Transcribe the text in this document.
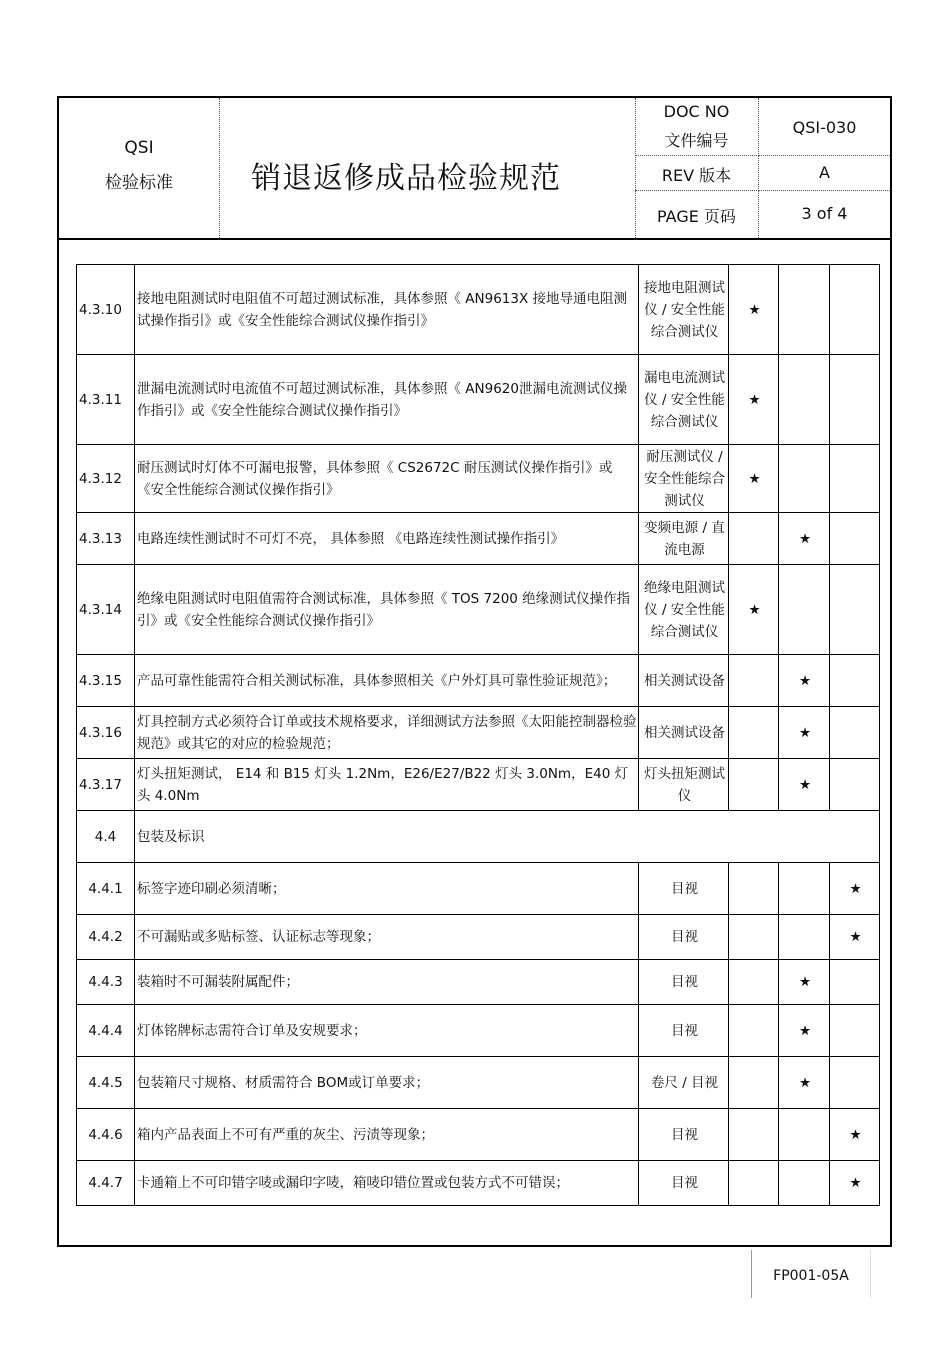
QSI
检验标准	销退返修成品检验规范
DOC NO
文件编号
QSI-030
REV 版本	A
PAGE 页码	3 of 4
4.3.10	接地电阻测试时电阻值不可超过测试标准，具体参照《 AN9613X 接地导通电阻测试操作指引》或《安全性能综合测试仪操作指引》	接地电阻测试仪 / 安全性能综合测试仪	★		
4.3.11	泄漏电流测试时电流值不可超过测试标准，具体参照《 AN9620泄漏电流测试仪操作指引》或《安全性能综合测试仪操作指引》	漏电电流测试仪 / 安全性能综合测试仪	★		
4.3.12	耐压测试时灯体不可漏电报警，具体参照《 CS2672C 耐压测试仪操作指引》或《安全性能综合测试仪操作指引》	耐压测试仪 / 安全性能综合测试仪	★		
4.3.13	电路连续性测试时不可灯不亮， 具体参照 《电路连续性测试操作指引》	变频电源 / 直流电源		★	
4.3.14	绝缘电阻测试时电阻值需符合测试标准，具体参照《 TOS 7200 绝缘测试仪操作指引》或《安全性能综合测试仪操作指引》	绝缘电阻测试仪 / 安全性能综合测试仪	★		
4.3.15	产品可靠性能需符合相关测试标准，具体参照相关《户外灯具可靠性验证规范》；	相关测试设备		★	
4.3.16	灯具控制方式必须符合订单或技术规格要求，详细测试方法参照《太阳能控制器检验规范》或其它的对应的检验规范；	相关测试设备		★	
4.3.17	灯头扭矩测试， E14 和 B15 灯头 1.2Nm，E26/E27/B22 灯头 3.0Nm，E40 灯头 4.0Nm	灯头扭矩测试仪		★	
4.4	包装及标识				
4.4.1	标签字迹印刷必须清晰；	目视			★
4.4.2	不可漏贴或多贴标签、认证标志等现象；	目视			★
4.4.3	装箱时不可漏装附属配件；	目视		★	
4.4.4	灯体铭牌标志需符合订单及安规要求；	目视		★	
4.4.5	包装箱尺寸规格、材质需符合 BOM或订单要求；	卷尺 / 目视		★	
4.4.6	箱内产品表面上不可有严重的灰尘、污渍等现象；	目视			★
4.4.7	卡通箱上不可印错字唛或漏印字唛，箱唛印错位置或包装方式不可错误；	目视			★
FP001-05A
